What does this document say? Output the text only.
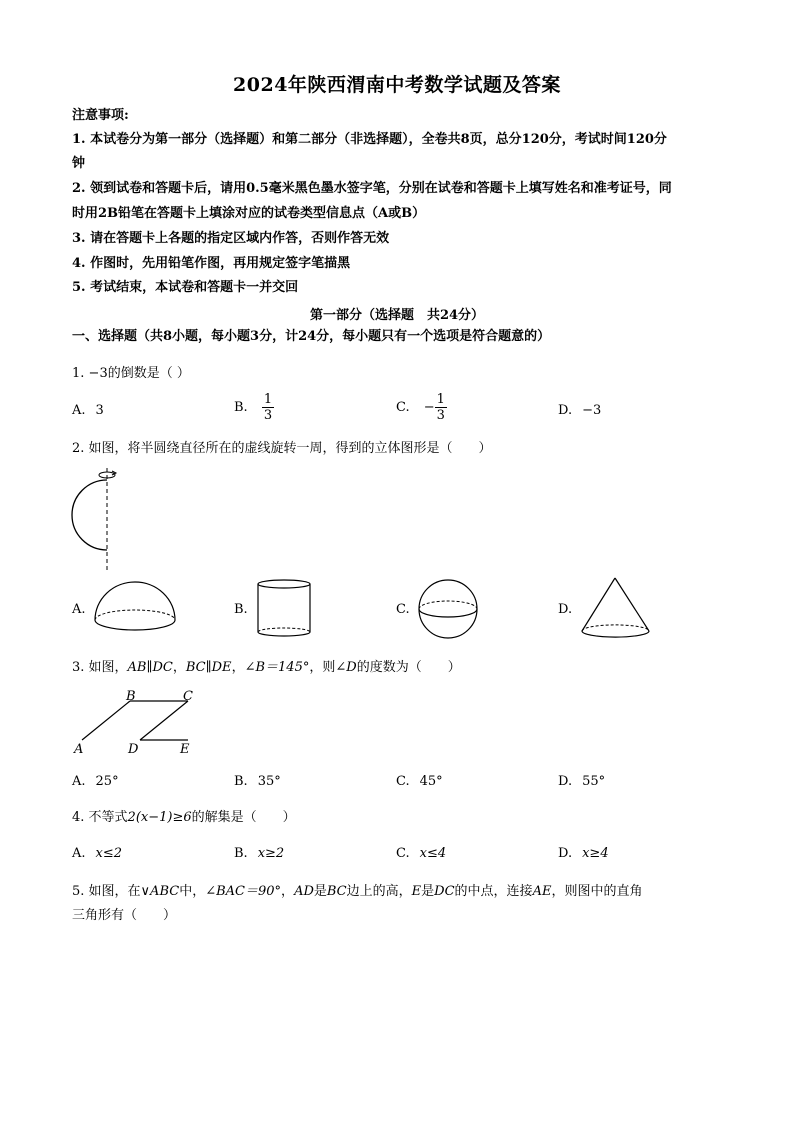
2024年陕西渭南中考数学试题及答案
注意事项:
1. 本试卷分为第一部分（选择题）和第二部分（非选择题），全卷共8页，总分120分，考试时间120分
钟
2. 领到试卷和答题卡后，请用0.5毫米黑色墨水签字笔，分别在试卷和答题卡上填写姓名和准考证号，同
时用2B铅笔在答题卡上填涂对应的试卷类型信息点（A或B）
3. 请在答题卡上各题的指定区域内作答，否则作答无效
4. 作图时，先用铅笔作图，再用规定签字笔描黑
5. 考试结束，本试卷和答题卡一并交回
第一部分（选择题　共24分）
一、选择题（共8小题，每小题3分，计24分，每小题只有一个选项是符合题意的）
1. −3的倒数是（ ）
A. 3	B. $\frac{1}{3}$	C. − $\frac{1}{3}$	D. −3
2. 如图，将半圆绕直径所在的虚线旋转一周，得到的立体图形是（　　）
A.	B.	C.	D.
3. 如图，AB∥DC，BC∥DE，∠B＝145°，则∠D的度数为（　　）
B	C
A	D	E
A. 25°	B. 35°	C. 45°	D. 55°
4. 不等式2(x−1)≥6的解集是（　　）
A. x≤2	B. x≥2	C. x≤4	D. x≥4
5. 如图，在∨ABC中，∠BAC＝90°，AD是BC边上的高，E是DC的中点，连接AE，则图中的直角
三角形有（　　）
